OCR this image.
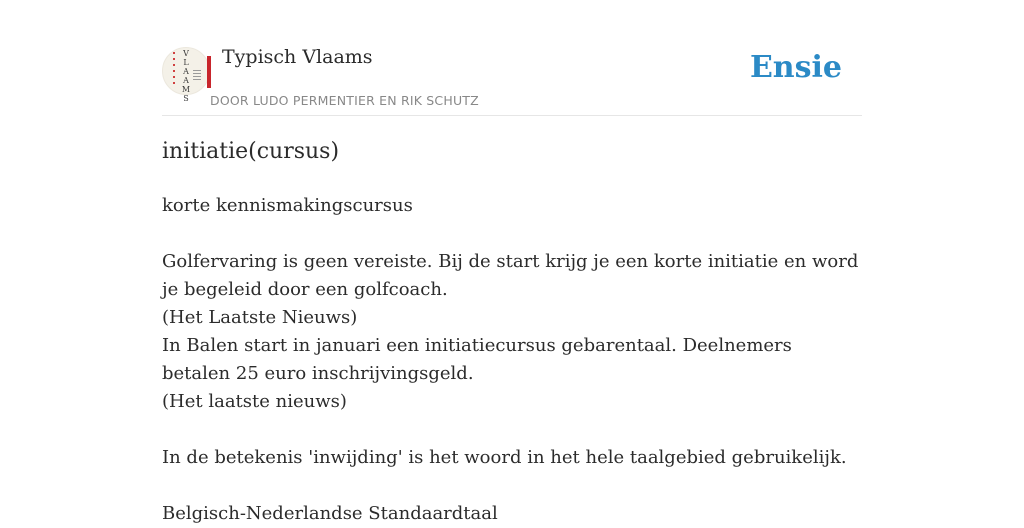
V
L
A
A
M
S
Typisch Vlaams
DOOR LUDO PERMENTIER EN RIK SCHUTZ
Ensie
initiatie(cursus)

korte kennismakingscursus

Golfervaring is geen vereiste. Bij de start krijg je een korte initiatie en word je begeleid door een golfcoach.

(Het Laatste Nieuws)

In Balen start in januari een initiatiecursus gebarentaal. Deelnemers betalen 25 euro inschrijvingsgeld.

(Het laatste nieuws)

In de betekenis 'inwijding' is het woord in het hele taalgebied gebruikelijk.

Belgisch-Nederlandse Standaardtaal
